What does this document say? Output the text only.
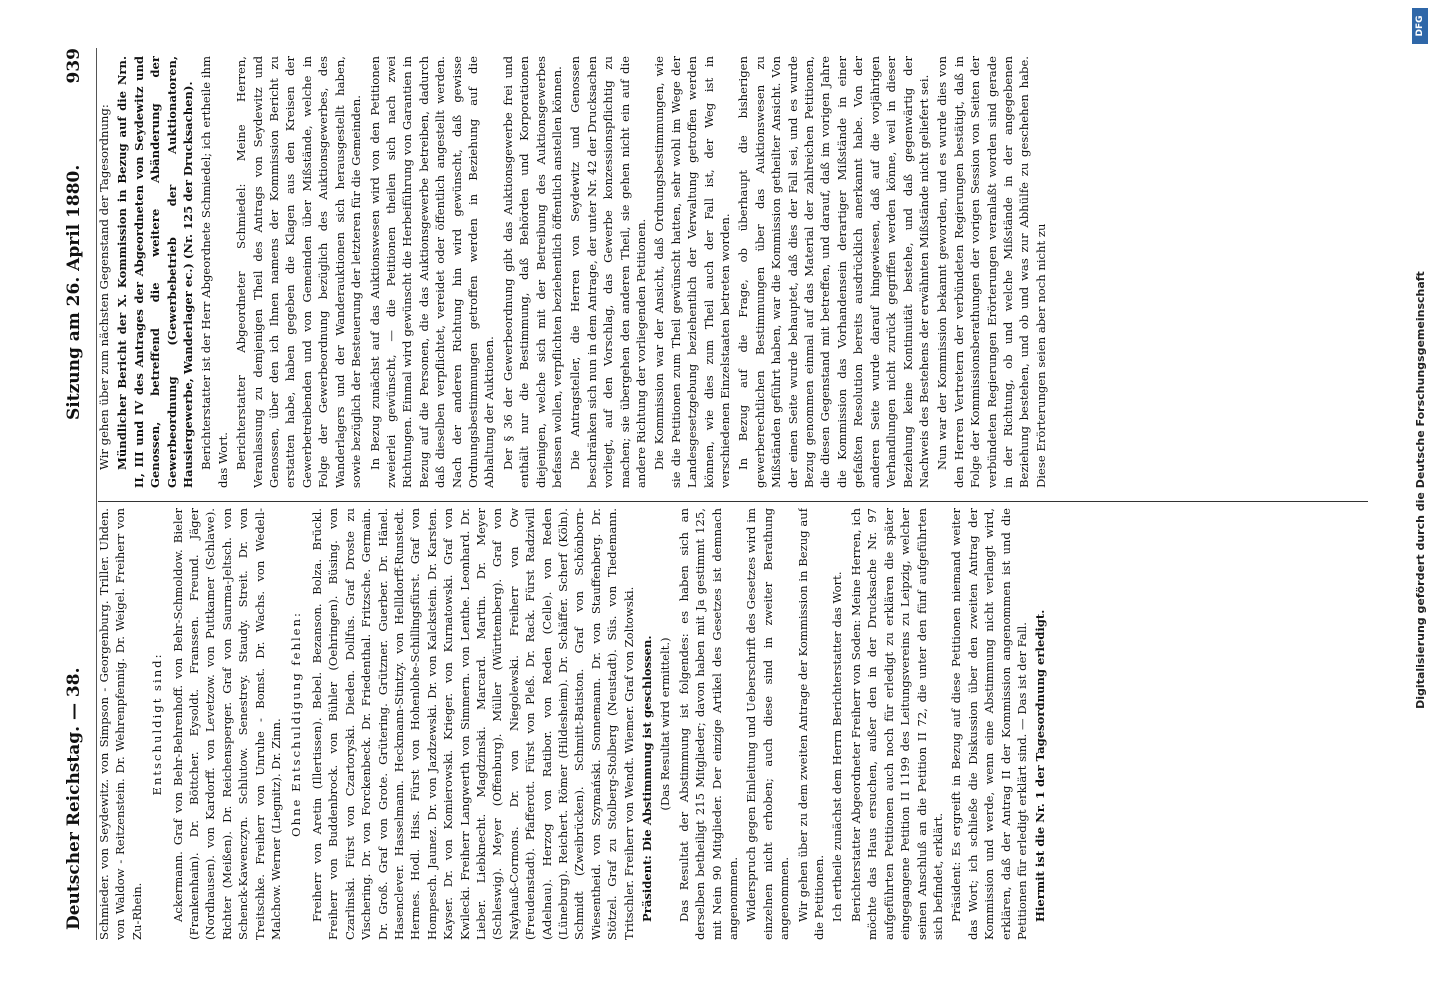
Deutscher Reichstag. — 38.
Sitzung am 26. April 1880.
939

Schmieder. von Seydewitz. von Simpson - Georgenburg. Triller. Uhden. von Waldow - Reitzenstein. Dr. Wehrenpfennig. Dr. Weigel. Freiherr von Zu-Rhein.

Entschuldigt sind: Ackermann. Graf von Behr-Behrenhoff. von Behr-Schmoldow. Bieler (Frankenhain). Dr. Böttcher. Eysoldt. Franssen. Freund. Jäger (Nordhausen). von Kardorff. von Levetzow. von Puttkamer (Schlawe). Richter (Meißen). Dr. Reichensperger. Graf von Saurma-Jeltsch. von Schenck-Kawenczyn. Schlutow. Senestrey. Staudy. Streit. Dr. von Treitschke. Freiherr von Unruhe - Bomst. Dr. Wachs. von Wedell-Malchow. Werner (Liegnitz). Dr. Zinn. Ohne Entschuldigung fehlen: Freiherr von Aretin (Illertissen). Bebel. Bezanson. Bolza. Brückl. Freiherr von Buddenbrock. von Bühler (Oehringen). Büsing. von Czarlinski. Fürst von Czartoryski. Dieden. Dollfus. Graf Droste zu Vischering. Dr. von Forckenbeck. Dr. Friedenthal. Fritzsche. Germain. Dr. Groß. Graf von Grote. Grütering. Grützner. Guerber. Dr. Hänel. Hasenclever. Hasselmann. Heckmann-Stintzy. von Hellldorff-Runstedt. Hermes. Hodl. Hiss. Fürst von Hohenlohe-Schillingsfürst. Graf von Hompesch. Jaunez. Dr. von Jazdzewski. Dr. von Kalckstein. Dr. Karsten. Kayser. Dr. von Komierowski. Krieger. von Kurnatowski. Graf von Kwilecki. Freiherr Langwerth von Simmern. von Lenthe. Leonhard. Dr. Lieber. Liebknecht. Magdzinski. Marcard. Martin. Dr. Meyer (Schleswig). Meyer (Offenburg). Müller (Württemberg). Graf von Nayhauß-Cormons. Dr. von Niegolewski. Freiherr von Ow (Freudenstadt). Pfafferott. Fürst von Pleß. Dr. Rack. Fürst Radziwill (Adelnau). Herzog von Ratibor. von Reden (Celle). von Reden (Lüneburg). Reichert. Römer (Hildesheim). Dr. Schäffer. Scherf (Köln). Schmidt (Zweibrücken). Schmitt-Batiston. Graf von Schönborn-Wiesentheid. von Szymański. Sonnemann. Dr. von Stauffenberg. Dr. Stötzel. Graf zu Stolberg-Stolberg (Neustadt). Süs. von Tiedemann. Tritschler. Freiherr von Wendt. Wiemer. Graf von Zoltowski. Präsident: Die Abstimmung ist geschlossen. (Das Resultat wird ermittelt.) Das Resultat der Abstimmung ist folgendes: es haben sich an derselben betheiligt 215 Mitglieder; davon haben mit Ja gestimmt 125, mit Nein 90 Mitglieder. Der einzige Artikel des Gesetzes ist demnach angenommen. Widerspruch gegen Einleitung und Ueberschrift des Gesetzes wird im einzelnen nicht erhoben; auch diese sind in zweiter Berathung angenommen. Wir gehen über zu dem zweiten Antrage der Kommission in Bezug auf die Petitionen. Ich ertheile zunächst dem Herrn Berichterstatter das Wort. Berichterstatter Abgeordneter Freiherr von Soden: Meine Herren, ich möchte das Haus ersuchen, außer den in der Drucksache Nr. 97 aufgeführten Petitionen auch noch für erledigt zu erklären die später eingegangene Petition II 1199 des Leitungsvereins zu Leipzig, welcher seinen Anschluß an die Petition II 72, die unter den fünf aufgeführten sich befindet, erklärt. Präsident: Es ergreift in Bezug auf diese Petitionen niemand weiter das Wort; ich schließe die Diskussion über den zweiten Antrag der Kommission und werde, wenn eine Abstimmung nicht verlangt wird, erklären, daß der Antrag II der Kommission angenommen ist und die Petitionen für erledigt erklärt sind. — Das ist der Fall. Hiermit ist die Nr. 1 der Tagesordnung erledigt.

Wir gehen über zum nächsten Gegenstand der Tagesordnung: Mündlicher Bericht der X. Kommission in Bezug auf die Nrn. II, III und IV des Antrages der Abgeordneten von Seydewitz und Genossen, betreffend die weitere Abänderung der Gewerbeordnung (Gewerbebetrieb der Auktionatoren, Hausiergewerbe, Wanderlager ec.) (Nr. 125 der Drucksachen). Berichterstatter ist der Herr Abgeordnete Schmiedel; ich ertheile ihm das Wort. Berichterstatter Abgeordneter Schmiedel: Meine Herren, Veranlassung zu demjenigen Theil des Antrags von Seydewitz und Genossen, über den ich Ihnen namens der Kommission Bericht zu erstatten habe, haben gegeben die Klagen aus den Kreisen der Gewerbetreibenden und von Gemeinden über Mißstände, welche in Folge der Gewerbeordnung bezüglich des Auktionsgewerbes, des Wanderlagers und der Wanderauktionen sich herausgestellt haben, sowie bezüglich der Besteuerung der letzteren für die Gemeinden. In Bezug zunächst auf das Auktionswesen wird von den Petitionen zweierlei gewünscht, — die Petitionen theilen sich nach zwei Richtungen. Einmal wird gewünscht die Herbeiführung von Garantien in Bezug auf die Personen, die das Auktionsgewerbe betreiben, dadurch daß dieselben verpflichtet, vereidet oder öffentlich angestellt werden. Nach der anderen Richtung hin wird gewünscht, daß gewisse Ordnungsbestimmungen getroffen werden in Beziehung auf die Abhaltung der Auktionen. Der § 36 der Gewerbeordnung gibt das Auktionsgewerbe frei und enthält nur die Bestimmung, daß Behörden und Korporationen diejenigen, welche sich mit der Betreibung des Auktionsgewerbes befassen wollen, verpflichten beziehentlich öffentlich anstellen können. Die Antragsteller, die Herren von Seydewitz und Genossen beschränken sich nun in dem Antrage, der unter Nr. 42 der Drucksachen vorliegt, auf den Vorschlag, das Gewerbe konzessionspflichtig zu machen; sie übergehen den anderen Theil, sie gehen nicht ein auf die andere Richtung der vorliegenden Petitionen. Die Kommission war der Ansicht, daß Ordnungsbestimmungen, wie sie die Petitionen zum Theil gewünscht hatten, sehr wohl im Wege der Landesgesetzgebung beziehentlich der Verwaltung getroffen werden können, wie dies zum Theil auch der Fall ist, der Weg ist in verschiedenen Einzelstaaten betreten worden. In Bezug auf die Frage, ob überhaupt die bisherigen gewerberechtlichen Bestimmungen über das Auktionswesen zu Mißständen geführt haben, war die Kommission getheilter Ansicht. Von der einen Seite wurde behauptet, daß dies der Fall sei, und es wurde Bezug genommen einmal auf das Material der zahlreichen Petitionen, die diesen Gegenstand mit betreffen, und darauf, daß im vorigen Jahre die Kommission das Vorhandensein derartiger Mißstände in einer gefaßten Resolution bereits ausdrücklich anerkannt habe. Von der anderen Seite wurde darauf hingewiesen, daß auf die vorjährigen Verhandlungen nicht zurück gegriffen werden könne, weil in dieser Beziehung keine Kontinuität bestehe, und daß gegenwärtig der Nachweis des Bestehens der erwähnten Mißstände nicht geliefert sei. Nun war der Kommission bekannt geworden, und es wurde dies von den Herren Vertretern der verbündeten Regierungen bestätigt, daß in Folge der Kommissionsberathungen der vorigen Session von Seiten der verbündeten Regierungen Erörterungen veranlaßt worden sind gerade in der Richtung, ob und welche Mißstände in der angegebenen Beziehung bestehen, und ob und was zur Abhülfe zu geschehen habe. Diese Erörterungen seien aber noch nicht zu	Digitalisierung gefördert durch die Deutsche Forschungsgemeinschaft
DFG
